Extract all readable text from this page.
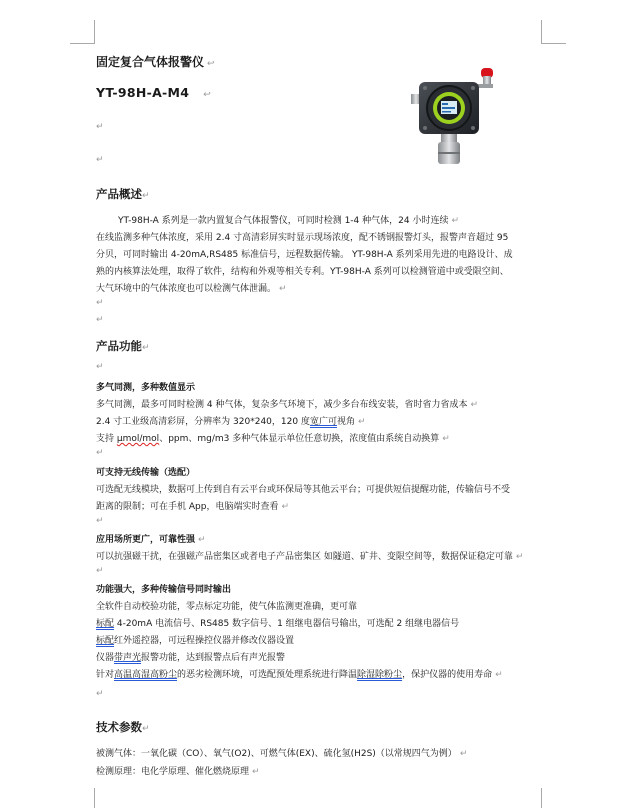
固定复合气体报警仪 ↩
YT-98H-A-M4 ↩
↵
↵
产品概述↵
YT-98H-A 系列是一款内置复合气体报警仪，可同时检测 1-4 种气体，24 小时连续 ↵
在线监测多种气体浓度，采用 2.4 寸高清彩屏实时显示现场浓度，配不锈钢报警灯头，报警声音超过 95
分贝，可同时输出 4-20mA,RS485 标准信号，远程数据传输。 YT-98H-A 系列采用先进的电路设计、成
熟的内核算法处理，取得了软件，结构和外观等相关专利。YT-98H-A 系列可以检测管道中或受限空间、
大气环境中的气体浓度也可以检测气体泄漏。 ↵
↵
↵
产品功能↵
↵
多气同测，多种数值显示
多气同测，最多可同时检测 4 种气体，复杂多气环境下，减少多台布线安装，省时省力省成本 ↵
2.4 寸工业级高清彩屏，分辨率为 320*240，120 度宽广可视角 ↵
支持 μmol/mol、ppm、mg/m3 多种气体显示单位任意切换，浓度值由系统自动换算 ↵
↵
可支持无线传输（选配）
可选配无线模块，数据可上传到自有云平台或环保局等其他云平台；可提供短信提醒功能，传输信号不受
距离的限制；可在手机 App，电脑端实时查看 ↵
↵
应用场所更广，可靠性强 ↵
可以抗强磁干扰，在强磁产品密集区或者电子产品密集区 如隧道、矿井、变限空间等，数据保证稳定可靠 ↵
↵
功能强大，多种传输信号同时输出
全软件自动校验功能，零点标定功能，使气体监测更准确，更可靠
标配 4-20mA 电流信号、RS485 数字信号、1 组继电器信号输出，可选配 2 组继电器信号
标配红外遥控器，可远程操控仪器并修改仪器设置
仪器带声光报警功能，达到报警点后有声光报警
针对高温高湿高粉尘的恶劣检测环境，可选配预处理系统进行降温除湿除粉尘，保护仪器的使用寿命 ↵
↵
技术参数↵
被测气体：一氧化碳（CO）、氧气(O2)、可燃气体(EX)、硫化氢(H2S)（以常规四气为例） ↵
检测原理：电化学原理、催化燃烧原理 ↵
